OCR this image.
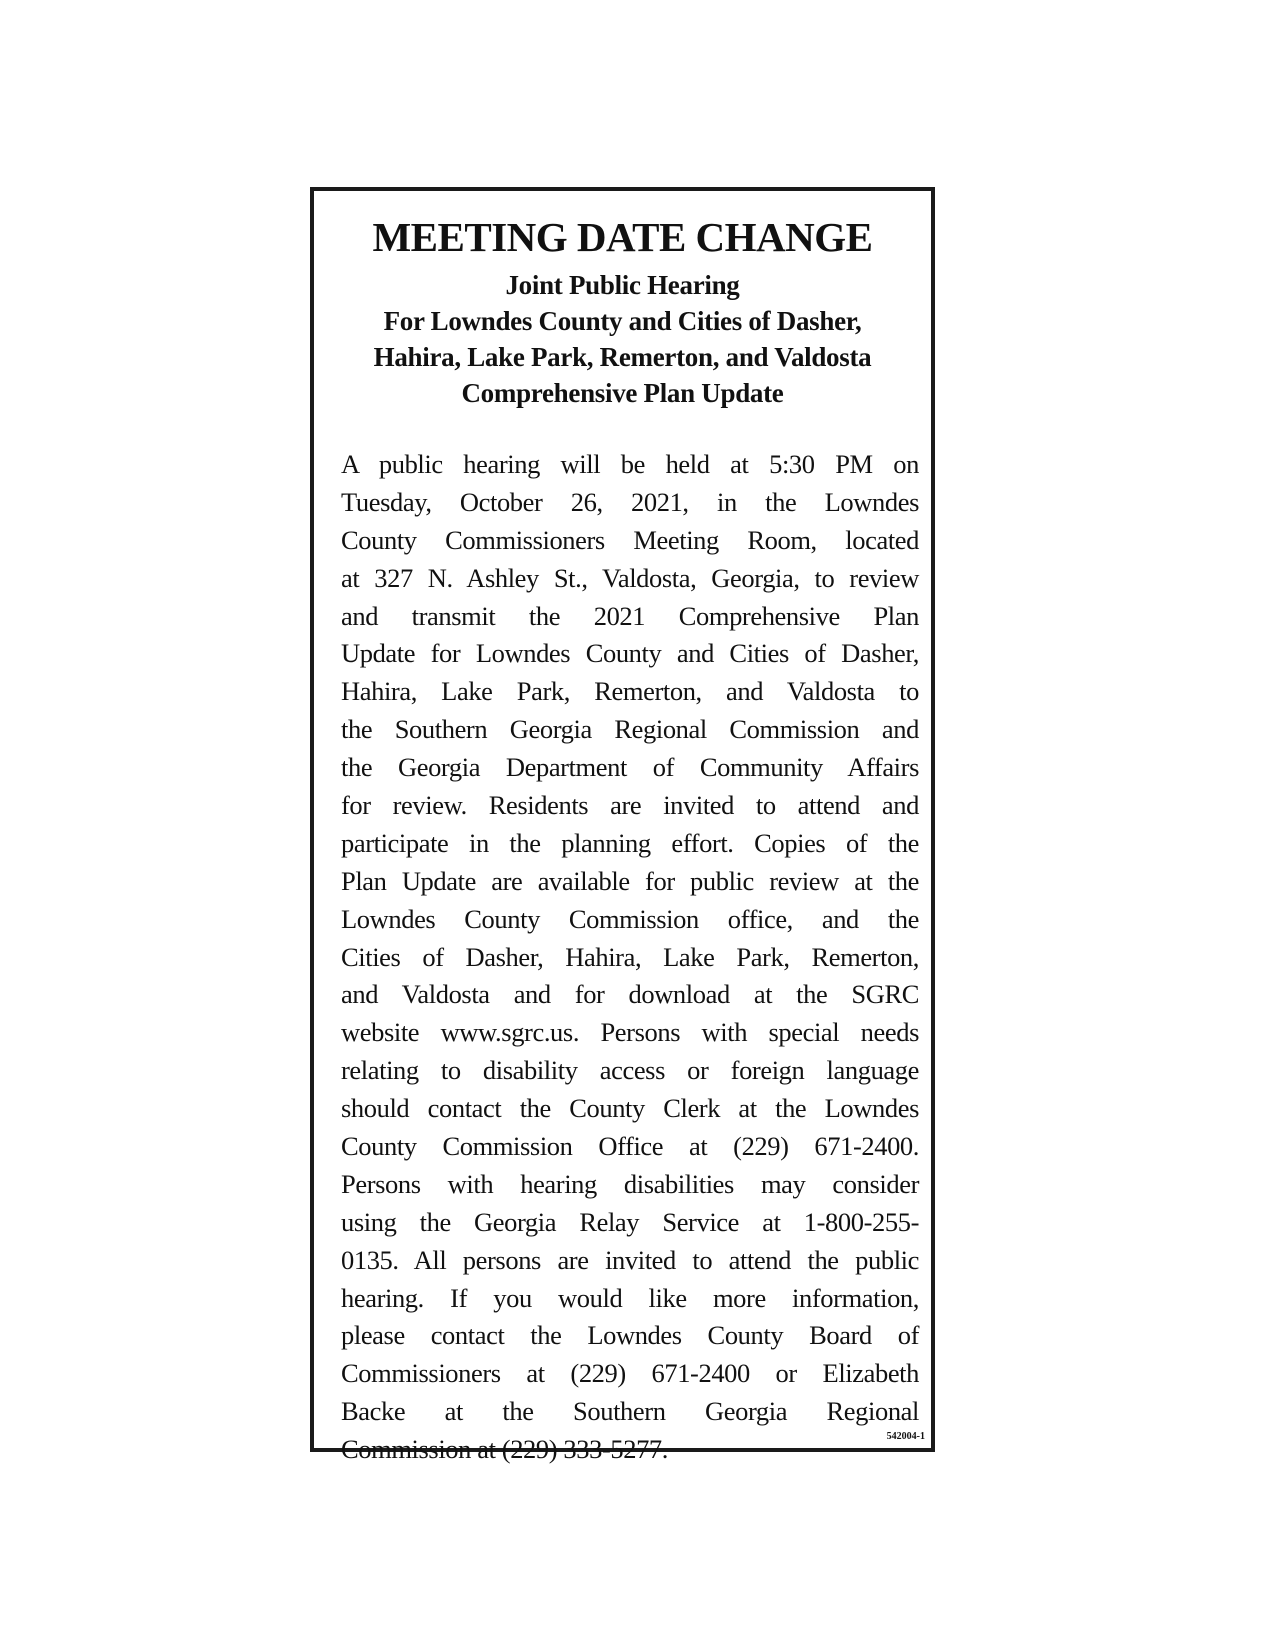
MEETING DATE CHANGE
Joint Public Hearing
For Lowndes County and Cities of Dasher,
Hahira, Lake Park, Remerton, and Valdosta
Comprehensive Plan Update
A public hearing will be held at 5:30 PM on
Tuesday, October 26, 2021, in the Lowndes
County Commissioners Meeting Room, located
at 327 N. Ashley St., Valdosta, Georgia, to review
and transmit the 2021 Comprehensive Plan
Update for Lowndes County and Cities of Dasher,
Hahira, Lake Park, Remerton, and Valdosta to
the Southern Georgia Regional Commission and
the Georgia Department of Community Affairs
for review. Residents are invited to attend and
participate in the planning effort. Copies of the
Plan Update are available for public review at the
Lowndes County Commission office, and the
Cities of Dasher, Hahira, Lake Park, Remerton,
and Valdosta and for download at the SGRC
website www.sgrc.us. Persons with special needs
relating to disability access or foreign language
should contact the County Clerk at the Lowndes
County Commission Office at (229) 671-2400.
Persons with hearing disabilities may consider
using the Georgia Relay Service at 1-800-255-
0135. All persons are invited to attend the public
hearing. If you would like more information,
please contact the Lowndes County Board of
Commissioners at (229) 671-2400 or Elizabeth
Backe at the Southern Georgia Regional
Commission at (229) 333-5277.	542004-1
